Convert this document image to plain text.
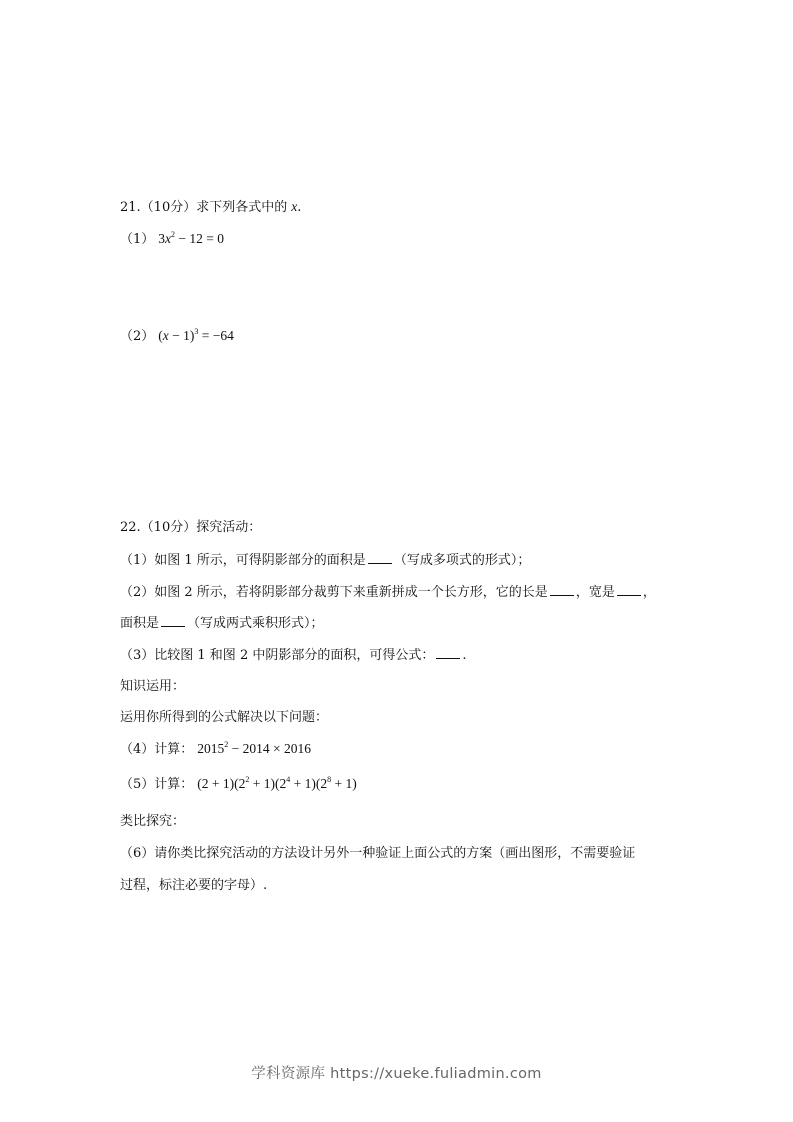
21.（10分）求下列各式中的 x.
（1） $3x^2 - 12 = 0$
（2） $(x - 1)^3 = -64$
22.（10分）探究活动：
（1）如图 1 所示，可得阴影部分的面积是 （写成多项式的形式）；
（2）如图 2 所示，若将阴影部分裁剪下来重新拼成一个长方形，它的长是 ，宽是 ，
面积是 （写成两式乘积形式）；
（3）比较图 1 和图 2 中阴影部分的面积，可得公式： .
知识运用：
运用你所得到的公式解决以下问题：
（4）计算： $2015^2 - 2014 \times 2016$
（5）计算： $(2 + 1)(2^2 + 1)(2^4 + 1)(2^8 + 1)$
类比探究：
（6）请你类比探究活动的方法设计另外一种验证上面公式的方案（画出图形，不需要验证
过程，标注必要的字母）.
学科资源库 https://xueke.fuliadmin.com
